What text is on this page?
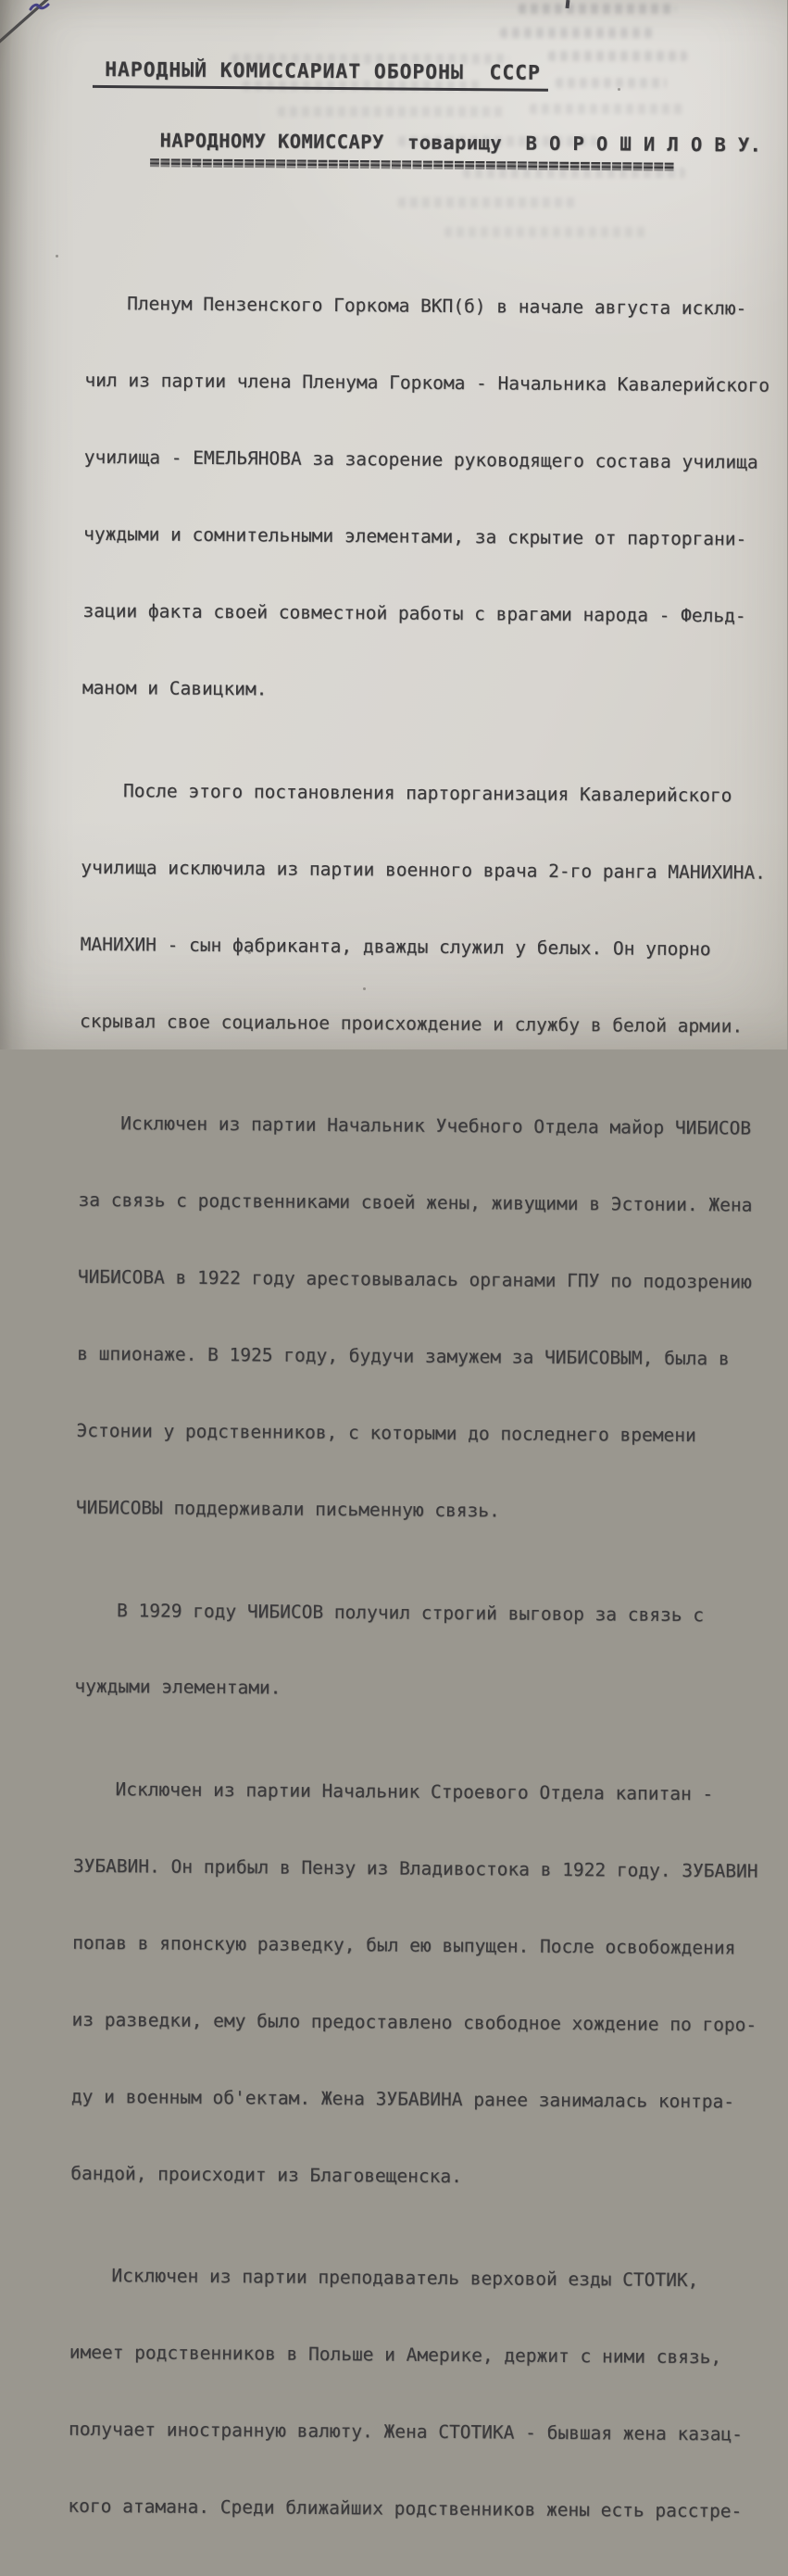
НАРОДНЫЙ КОМИССАРИАТ ОБОРОНЫ  СССР
НАРОДНОМУ КОМИССАРУ  товарищу  В О Р О Ш И Л О В У.
==================================================

Пленум Пензенского Горкома ВКП(б) в начале августа исклю-

чил из партии члена Пленума Горкома - Начальника Кавалерийского

училища - ЕМЕЛЬЯНОВА за засорение руководящего состава училища

чуждыми и сомнительными элементами, за скрытие от парторгани-

зации факта своей совместной работы с врагами народа - Фельд-

маном и Савицким.

После этого постановления парторганизация Кавалерийского

училища исключила из партии военного врача 2-го ранга МАНИХИНА.

МАНИХИН - сын фабриканта, дважды служил у белых. Он упорно

скрывал свое социальное происхождение и службу в белой армии.

Исключен из партии Начальник Учебного Отдела майор ЧИБИСОВ

за связь с родственниками своей жены, живущими в Эстонии. Жена

ЧИБИСОВА в 1922 году арестовывалась органами ГПУ по подозрению

в шпионаже. В 1925 году, будучи замужем за ЧИБИСОВЫМ, была в

Эстонии у родственников, с которыми до последнего времени

ЧИБИСОВЫ поддерживали письменную связь.

В 1929 году ЧИБИСОВ получил строгий выговор за связь с

чуждыми элементами.

Исключен из партии Начальник Строевого Отдела капитан -

ЗУБАВИН. Он прибыл в Пензу из Владивостока в 1922 году. ЗУБАВИН

попав в японскую разведку, был ею выпущен. После освобождения

из разведки, ему было предоставлено свободное хождение по горо-

ду и военным об'ектам. Жена ЗУБАВИНА ранее занималась контра-

бандой, происходит из Благовещенска.

Исключен из партии преподаватель верховой езды СТОТИК,

имеет родственников в Польше и Америке, держит с ними связь,

получает иностранную валюту. Жена СТОТИКА - бывшая жена казац-

кого атамана. Среди ближайших родственников жены есть расстре-
